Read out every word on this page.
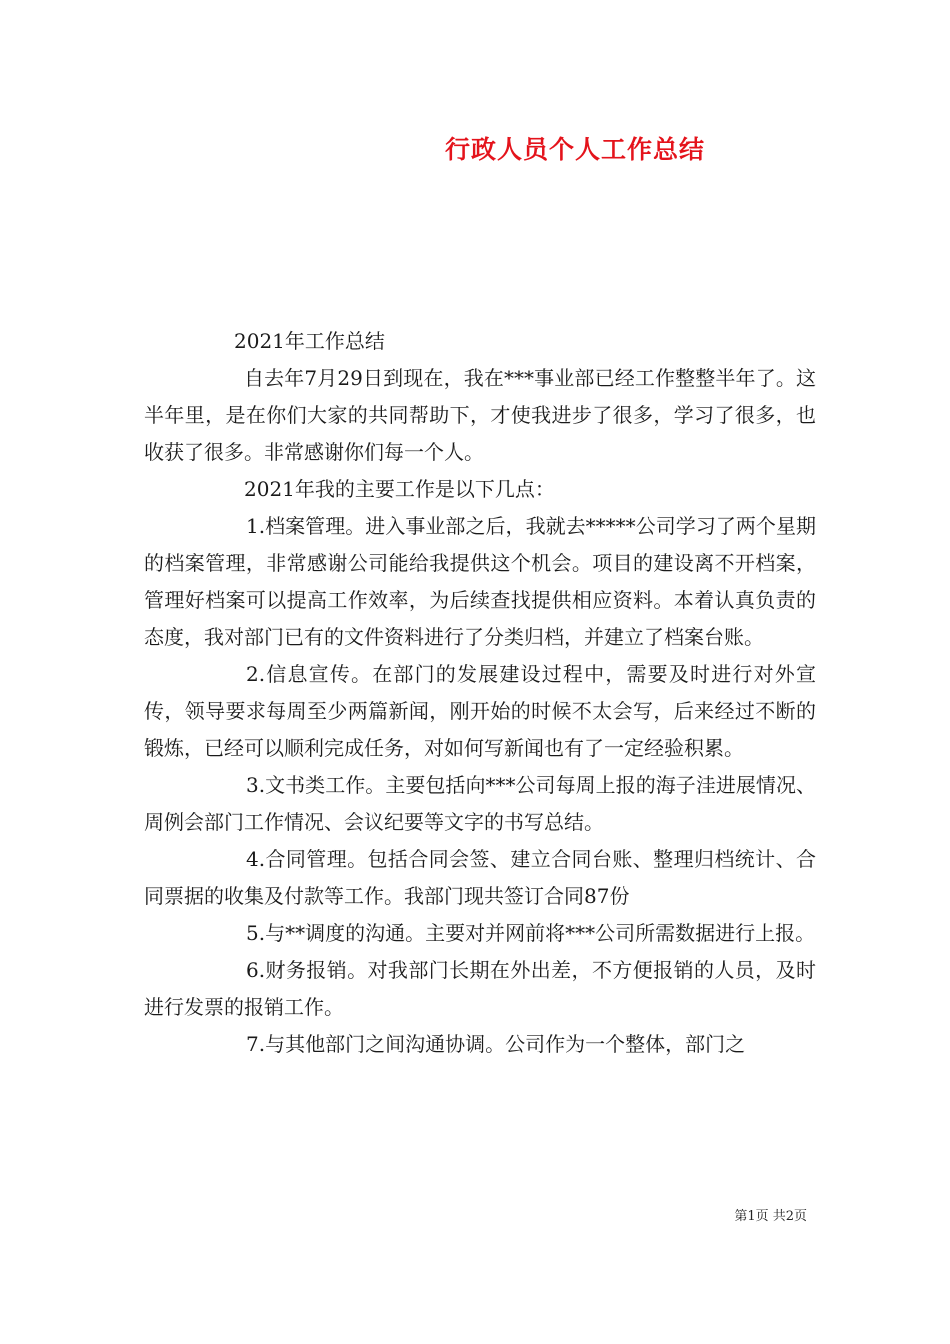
行政人员个人工作总结

2021年工作总结

自去年7月29日到现在，我在***事业部已经工作整整半年了。这半年里，是在你们大家的共同帮助下，才使我进步了很多，学习了很多，也收获了很多。非常感谢你们每一个人。

2021年我的主要工作是以下几点：

1.档案管理。进入事业部之后，我就去*****公司学习了两个星期的档案管理，非常感谢公司能给我提供这个机会。项目的建设离不开档案，管理好档案可以提高工作效率，为后续查找提供相应资料。本着认真负责的态度，我对部门已有的文件资料进行了分类归档，并建立了档案台账。

2.信息宣传。在部门的发展建设过程中，需要及时进行对外宣传，领导要求每周至少两篇新闻，刚开始的时候不太会写，后来经过不断的锻炼，已经可以顺利完成任务，对如何写新闻也有了一定经验积累。

3.文书类工作。主要包括向***公司每周上报的海子洼进展情况、周例会部门工作情况、会议纪要等文字的书写总结。

4.合同管理。包括合同会签、建立合同台账、整理归档统计、合同票据的收集及付款等工作。我部门现共签订合同87份

5.与**调度的沟通。主要对并网前将***公司所需数据进行上报。

6.财务报销。对我部门长期在外出差，不方便报销的人员，及时进行发票的报销工作。

7.与其他部门之间沟通协调。公司作为一个整体，部门之

第1页 共2页
